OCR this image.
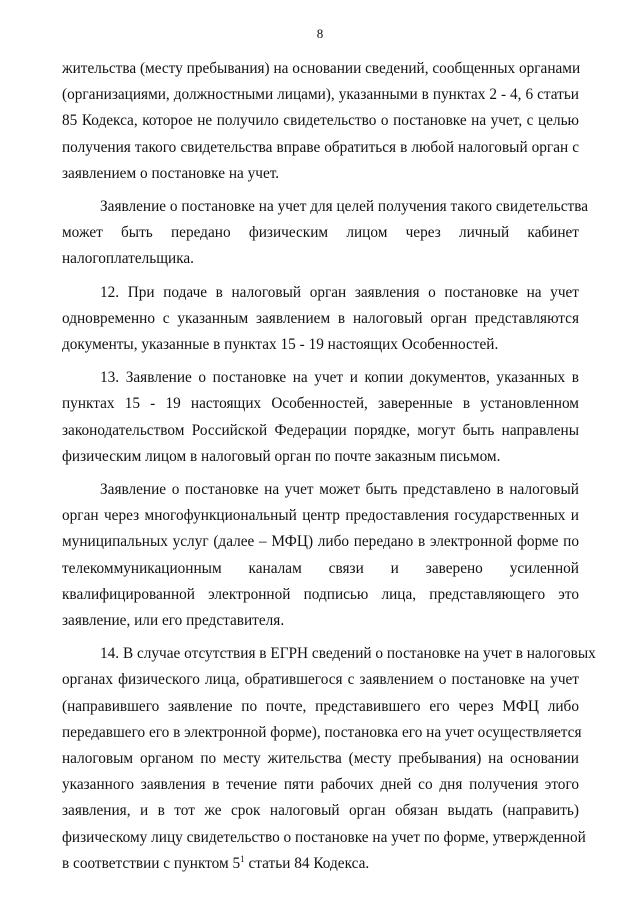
8
жительства (месту пребывания) на основании сведений, сообщенных органами
(организациями, должностными лицами), указанными в пунктах 2 - 4, 6 статьи
85 Кодекса, которое не получило свидетельство о постановке на учет, с целью
получения такого свидетельства вправе обратиться в любой налоговый орган с
заявлением о постановке на учет.
Заявление о постановке на учет для целей получения такого свидетельства
может быть передано физическим лицом через личный кабинет
налогоплательщика.
12. При подаче в налоговый орган заявления о постановке на учет
одновременно с указанным заявлением в налоговый орган представляются
документы, указанные в пунктах 15 - 19 настоящих Особенностей.
13. Заявление о постановке на учет и копии документов, указанных в
пунктах 15 - 19 настоящих Особенностей, заверенные в установленном
законодательством Российской Федерации порядке, могут быть направлены
физическим лицом в налоговый орган по почте заказным письмом.
Заявление о постановке на учет может быть представлено в налоговый
орган через многофункциональный центр предоставления государственных и
муниципальных услуг (далее – МФЦ) либо передано в электронной форме по
телекоммуникационным каналам связи и заверено усиленной
квалифицированной электронной подписью лица, представляющего это
заявление, или его представителя.
14. В случае отсутствия в ЕГРН сведений о постановке на учет в налоговых
органах физического лица, обратившегося с заявлением о постановке на учет
(направившего заявление по почте, представившего его через МФЦ либо
передавшего его в электронной форме), постановка его на учет осуществляется
налоговым органом по месту жительства (месту пребывания) на основании
указанного заявления в течение пяти рабочих дней со дня получения этого
заявления, и в тот же срок налоговый орган обязан выдать (направить)
физическому лицу свидетельство о постановке на учет по форме, утвержденной
в соответствии с пунктом $5^1$ статьи 84 Кодекса.
